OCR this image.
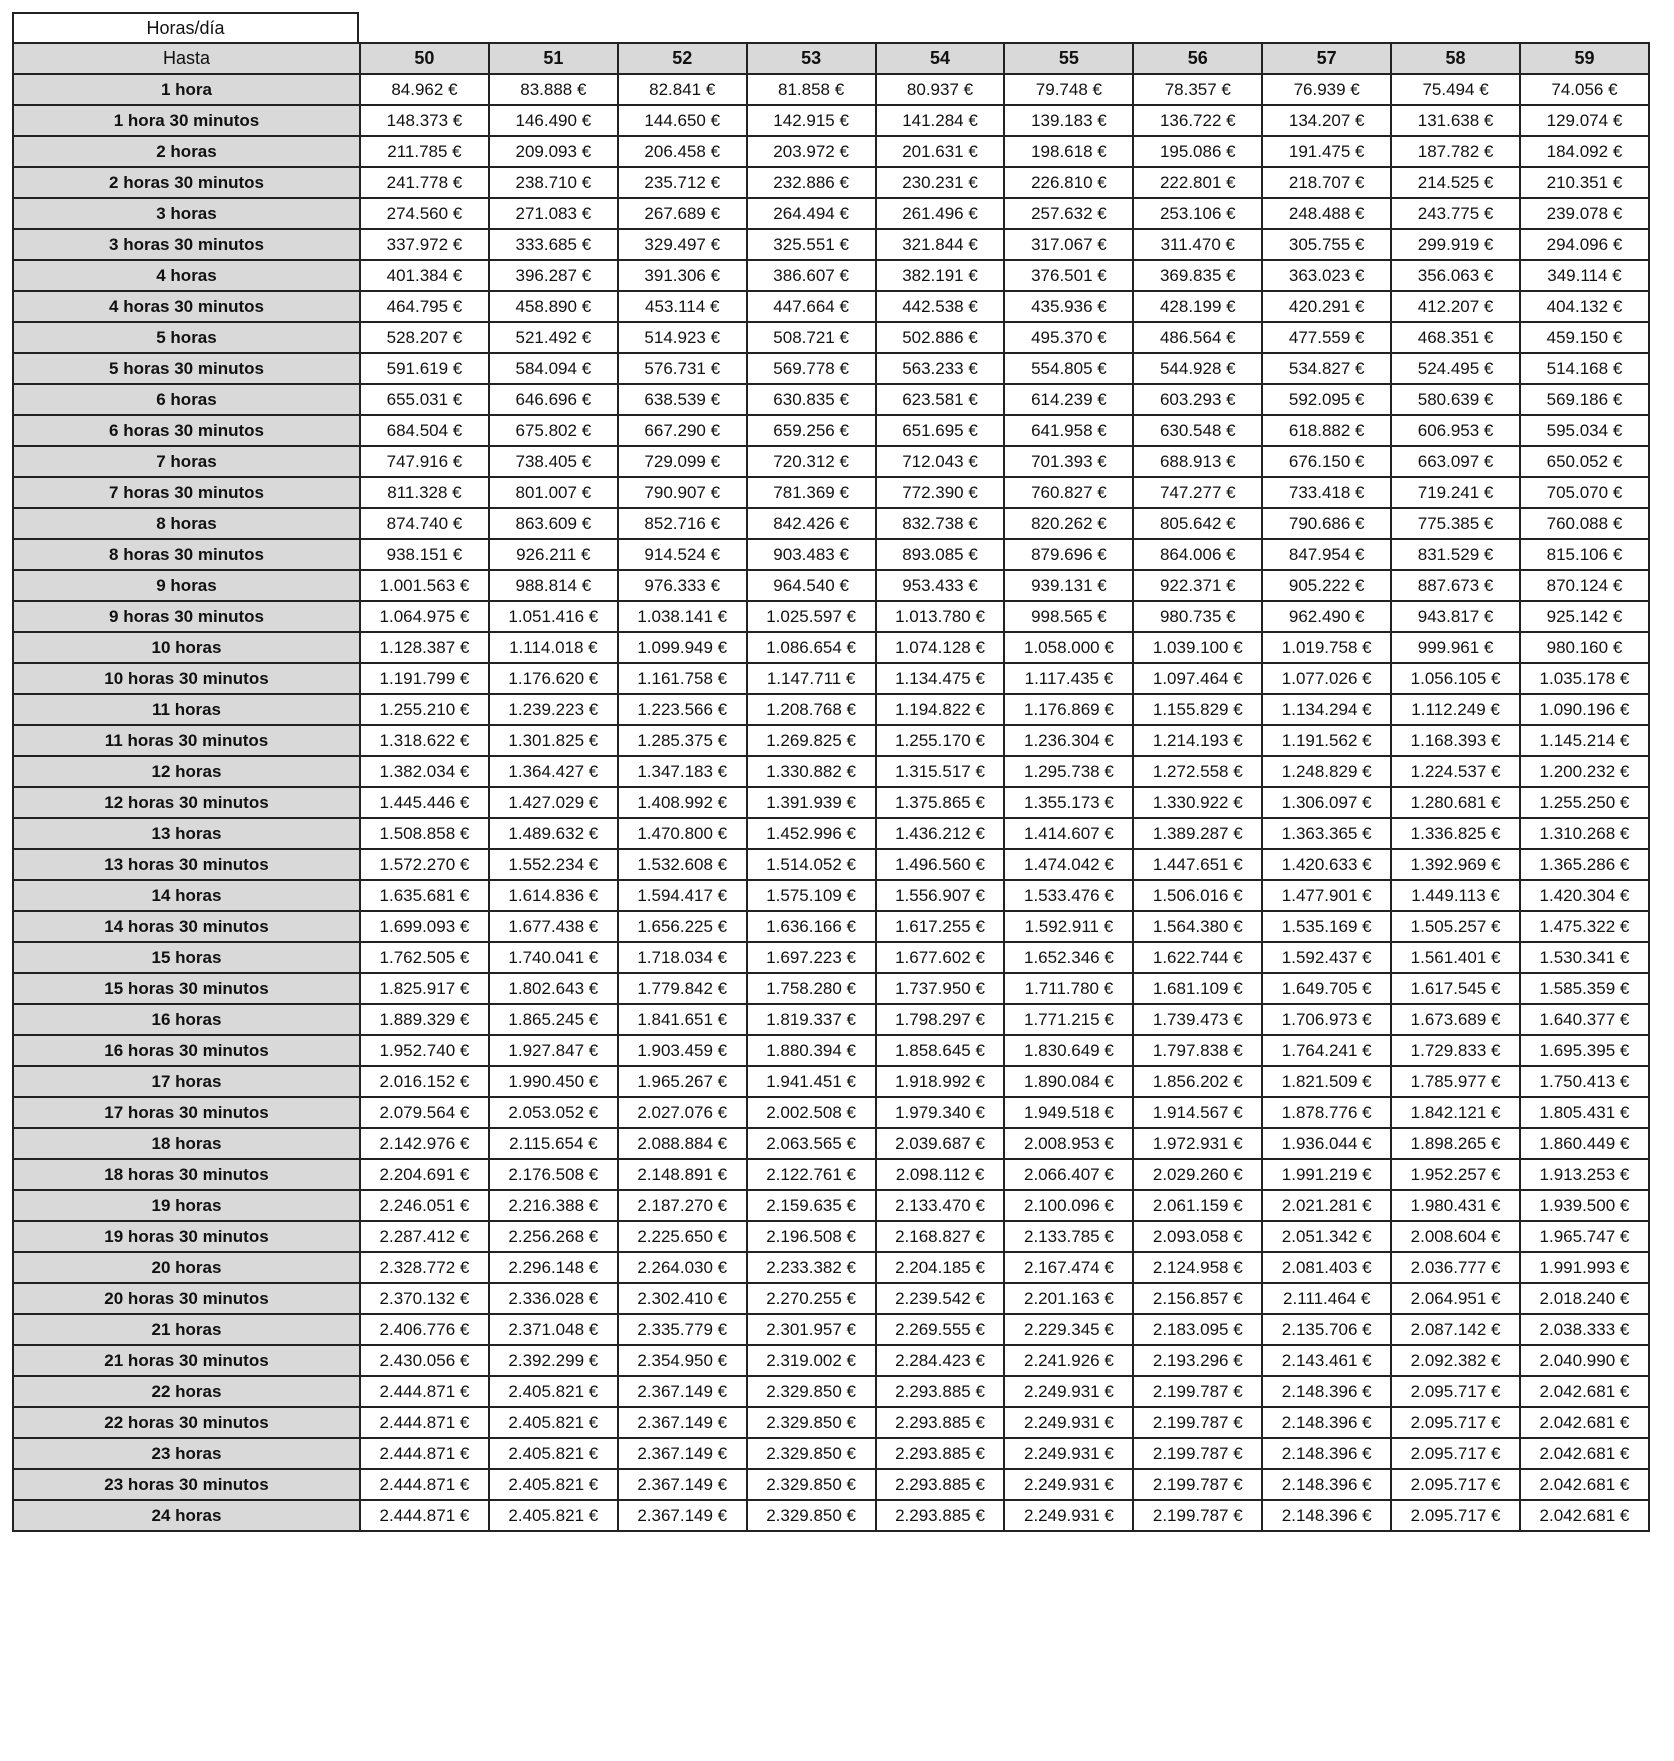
Horas/día
Hasta	50	51	52	53	54	55	56	57	58	59
1 hora	84.962 €	83.888 €	82.841 €	81.858 €	80.937 €	79.748 €	78.357 €	76.939 €	75.494 €	74.056 €
1 hora 30 minutos	148.373 €	146.490 €	144.650 €	142.915 €	141.284 €	139.183 €	136.722 €	134.207 €	131.638 €	129.074 €
2 horas	211.785 €	209.093 €	206.458 €	203.972 €	201.631 €	198.618 €	195.086 €	191.475 €	187.782 €	184.092 €
2 horas 30 minutos	241.778 €	238.710 €	235.712 €	232.886 €	230.231 €	226.810 €	222.801 €	218.707 €	214.525 €	210.351 €
3 horas	274.560 €	271.083 €	267.689 €	264.494 €	261.496 €	257.632 €	253.106 €	248.488 €	243.775 €	239.078 €
3 horas 30 minutos	337.972 €	333.685 €	329.497 €	325.551 €	321.844 €	317.067 €	311.470 €	305.755 €	299.919 €	294.096 €
4 horas	401.384 €	396.287 €	391.306 €	386.607 €	382.191 €	376.501 €	369.835 €	363.023 €	356.063 €	349.114 €
4 horas 30 minutos	464.795 €	458.890 €	453.114 €	447.664 €	442.538 €	435.936 €	428.199 €	420.291 €	412.207 €	404.132 €
5 horas	528.207 €	521.492 €	514.923 €	508.721 €	502.886 €	495.370 €	486.564 €	477.559 €	468.351 €	459.150 €
5 horas 30 minutos	591.619 €	584.094 €	576.731 €	569.778 €	563.233 €	554.805 €	544.928 €	534.827 €	524.495 €	514.168 €
6 horas	655.031 €	646.696 €	638.539 €	630.835 €	623.581 €	614.239 €	603.293 €	592.095 €	580.639 €	569.186 €
6 horas 30 minutos	684.504 €	675.802 €	667.290 €	659.256 €	651.695 €	641.958 €	630.548 €	618.882 €	606.953 €	595.034 €
7 horas	747.916 €	738.405 €	729.099 €	720.312 €	712.043 €	701.393 €	688.913 €	676.150 €	663.097 €	650.052 €
7 horas 30 minutos	811.328 €	801.007 €	790.907 €	781.369 €	772.390 €	760.827 €	747.277 €	733.418 €	719.241 €	705.070 €
8 horas	874.740 €	863.609 €	852.716 €	842.426 €	832.738 €	820.262 €	805.642 €	790.686 €	775.385 €	760.088 €
8 horas 30 minutos	938.151 €	926.211 €	914.524 €	903.483 €	893.085 €	879.696 €	864.006 €	847.954 €	831.529 €	815.106 €
9 horas	1.001.563 €	988.814 €	976.333 €	964.540 €	953.433 €	939.131 €	922.371 €	905.222 €	887.673 €	870.124 €
9 horas 30 minutos	1.064.975 €	1.051.416 €	1.038.141 €	1.025.597 €	1.013.780 €	998.565 €	980.735 €	962.490 €	943.817 €	925.142 €
10 horas	1.128.387 €	1.114.018 €	1.099.949 €	1.086.654 €	1.074.128 €	1.058.000 €	1.039.100 €	1.019.758 €	999.961 €	980.160 €
10 horas 30 minutos	1.191.799 €	1.176.620 €	1.161.758 €	1.147.711 €	1.134.475 €	1.117.435 €	1.097.464 €	1.077.026 €	1.056.105 €	1.035.178 €
11 horas	1.255.210 €	1.239.223 €	1.223.566 €	1.208.768 €	1.194.822 €	1.176.869 €	1.155.829 €	1.134.294 €	1.112.249 €	1.090.196 €
11 horas 30 minutos	1.318.622 €	1.301.825 €	1.285.375 €	1.269.825 €	1.255.170 €	1.236.304 €	1.214.193 €	1.191.562 €	1.168.393 €	1.145.214 €
12 horas	1.382.034 €	1.364.427 €	1.347.183 €	1.330.882 €	1.315.517 €	1.295.738 €	1.272.558 €	1.248.829 €	1.224.537 €	1.200.232 €
12 horas 30 minutos	1.445.446 €	1.427.029 €	1.408.992 €	1.391.939 €	1.375.865 €	1.355.173 €	1.330.922 €	1.306.097 €	1.280.681 €	1.255.250 €
13 horas	1.508.858 €	1.489.632 €	1.470.800 €	1.452.996 €	1.436.212 €	1.414.607 €	1.389.287 €	1.363.365 €	1.336.825 €	1.310.268 €
13 horas 30 minutos	1.572.270 €	1.552.234 €	1.532.608 €	1.514.052 €	1.496.560 €	1.474.042 €	1.447.651 €	1.420.633 €	1.392.969 €	1.365.286 €
14 horas	1.635.681 €	1.614.836 €	1.594.417 €	1.575.109 €	1.556.907 €	1.533.476 €	1.506.016 €	1.477.901 €	1.449.113 €	1.420.304 €
14 horas 30 minutos	1.699.093 €	1.677.438 €	1.656.225 €	1.636.166 €	1.617.255 €	1.592.911 €	1.564.380 €	1.535.169 €	1.505.257 €	1.475.322 €
15 horas	1.762.505 €	1.740.041 €	1.718.034 €	1.697.223 €	1.677.602 €	1.652.346 €	1.622.744 €	1.592.437 €	1.561.401 €	1.530.341 €
15 horas 30 minutos	1.825.917 €	1.802.643 €	1.779.842 €	1.758.280 €	1.737.950 €	1.711.780 €	1.681.109 €	1.649.705 €	1.617.545 €	1.585.359 €
16 horas	1.889.329 €	1.865.245 €	1.841.651 €	1.819.337 €	1.798.297 €	1.771.215 €	1.739.473 €	1.706.973 €	1.673.689 €	1.640.377 €
16 horas 30 minutos	1.952.740 €	1.927.847 €	1.903.459 €	1.880.394 €	1.858.645 €	1.830.649 €	1.797.838 €	1.764.241 €	1.729.833 €	1.695.395 €
17 horas	2.016.152 €	1.990.450 €	1.965.267 €	1.941.451 €	1.918.992 €	1.890.084 €	1.856.202 €	1.821.509 €	1.785.977 €	1.750.413 €
17 horas 30 minutos	2.079.564 €	2.053.052 €	2.027.076 €	2.002.508 €	1.979.340 €	1.949.518 €	1.914.567 €	1.878.776 €	1.842.121 €	1.805.431 €
18 horas	2.142.976 €	2.115.654 €	2.088.884 €	2.063.565 €	2.039.687 €	2.008.953 €	1.972.931 €	1.936.044 €	1.898.265 €	1.860.449 €
18 horas 30 minutos	2.204.691 €	2.176.508 €	2.148.891 €	2.122.761 €	2.098.112 €	2.066.407 €	2.029.260 €	1.991.219 €	1.952.257 €	1.913.253 €
19 horas	2.246.051 €	2.216.388 €	2.187.270 €	2.159.635 €	2.133.470 €	2.100.096 €	2.061.159 €	2.021.281 €	1.980.431 €	1.939.500 €
19 horas 30 minutos	2.287.412 €	2.256.268 €	2.225.650 €	2.196.508 €	2.168.827 €	2.133.785 €	2.093.058 €	2.051.342 €	2.008.604 €	1.965.747 €
20 horas	2.328.772 €	2.296.148 €	2.264.030 €	2.233.382 €	2.204.185 €	2.167.474 €	2.124.958 €	2.081.403 €	2.036.777 €	1.991.993 €
20 horas 30 minutos	2.370.132 €	2.336.028 €	2.302.410 €	2.270.255 €	2.239.542 €	2.201.163 €	2.156.857 €	2.111.464 €	2.064.951 €	2.018.240 €
21 horas	2.406.776 €	2.371.048 €	2.335.779 €	2.301.957 €	2.269.555 €	2.229.345 €	2.183.095 €	2.135.706 €	2.087.142 €	2.038.333 €
21 horas 30 minutos	2.430.056 €	2.392.299 €	2.354.950 €	2.319.002 €	2.284.423 €	2.241.926 €	2.193.296 €	2.143.461 €	2.092.382 €	2.040.990 €
22 horas	2.444.871 €	2.405.821 €	2.367.149 €	2.329.850 €	2.293.885 €	2.249.931 €	2.199.787 €	2.148.396 €	2.095.717 €	2.042.681 €
22 horas 30 minutos	2.444.871 €	2.405.821 €	2.367.149 €	2.329.850 €	2.293.885 €	2.249.931 €	2.199.787 €	2.148.396 €	2.095.717 €	2.042.681 €
23 horas	2.444.871 €	2.405.821 €	2.367.149 €	2.329.850 €	2.293.885 €	2.249.931 €	2.199.787 €	2.148.396 €	2.095.717 €	2.042.681 €
23 horas 30 minutos	2.444.871 €	2.405.821 €	2.367.149 €	2.329.850 €	2.293.885 €	2.249.931 €	2.199.787 €	2.148.396 €	2.095.717 €	2.042.681 €
24 horas	2.444.871 €	2.405.821 €	2.367.149 €	2.329.850 €	2.293.885 €	2.249.931 €	2.199.787 €	2.148.396 €	2.095.717 €	2.042.681 €
